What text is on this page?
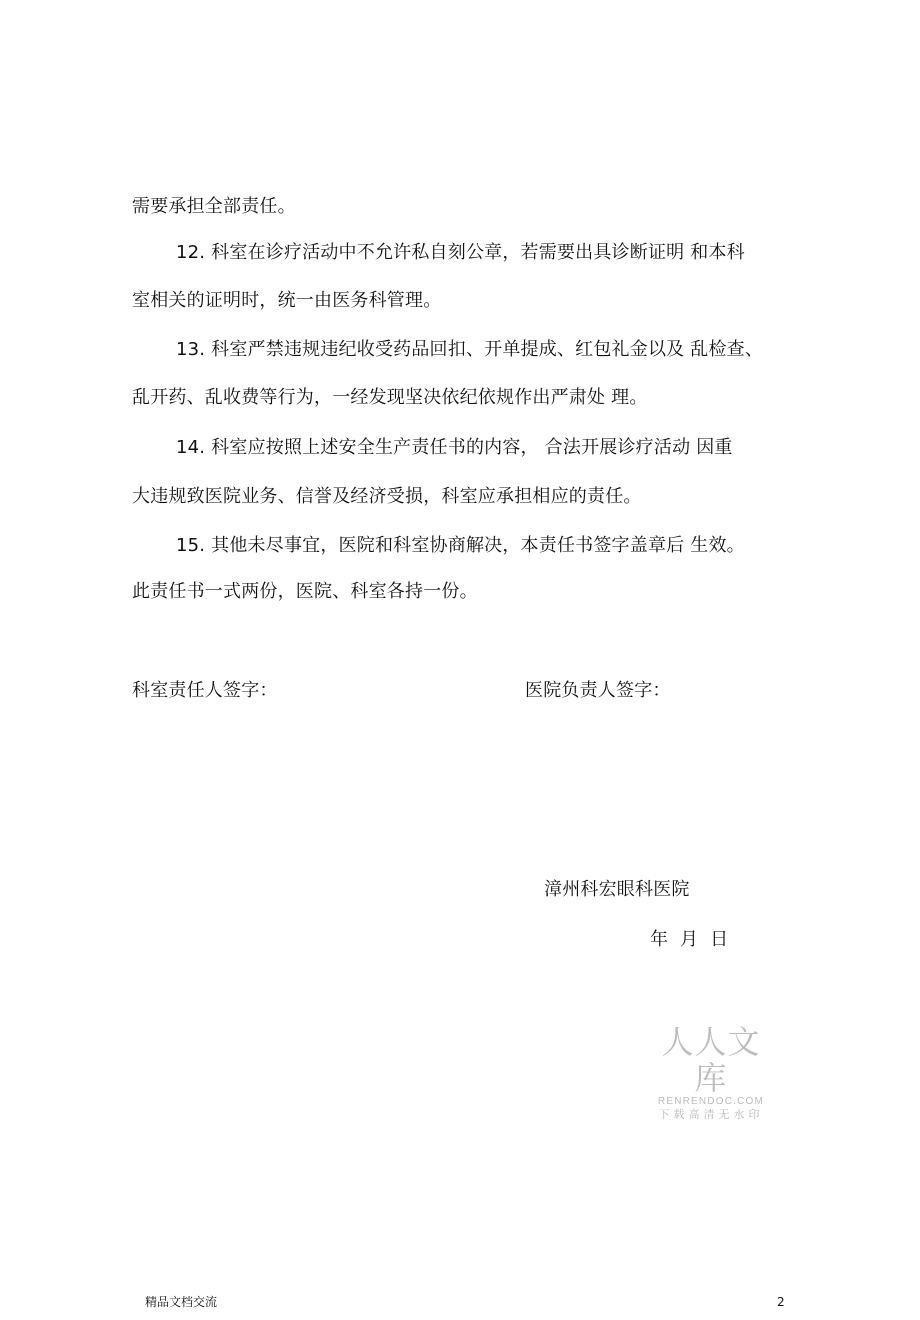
需要承担全部责任。
12. 科室在诊疗活动中不允许私自刻公章，若需要出具诊断证明 和本科
室相关的证明时，统一由医务科管理。
13. 科室严禁违规违纪收受药品回扣、开单提成、红包礼金以及 乱检查、
乱开药、乱收费等行为，一经发现坚决依纪依规作出严肃处 理。
14. 科室应按照上述安全生产责任书的内容， 合法开展诊疗活动 因重
大违规致医院业务、信誉及经济受损，科室应承担相应的责任。
15. 其他未尽事宜，医院和科室协商解决，本责任书签字盖章后 生效。
此责任书一式两份，医院、科室各持一份。
科室责任人签字：	医院负责人签字：
漳州科宏眼科医院
年  月  日
人人文库
RENRENDOC.COM
下载高清无水印
精品文档交流	2
